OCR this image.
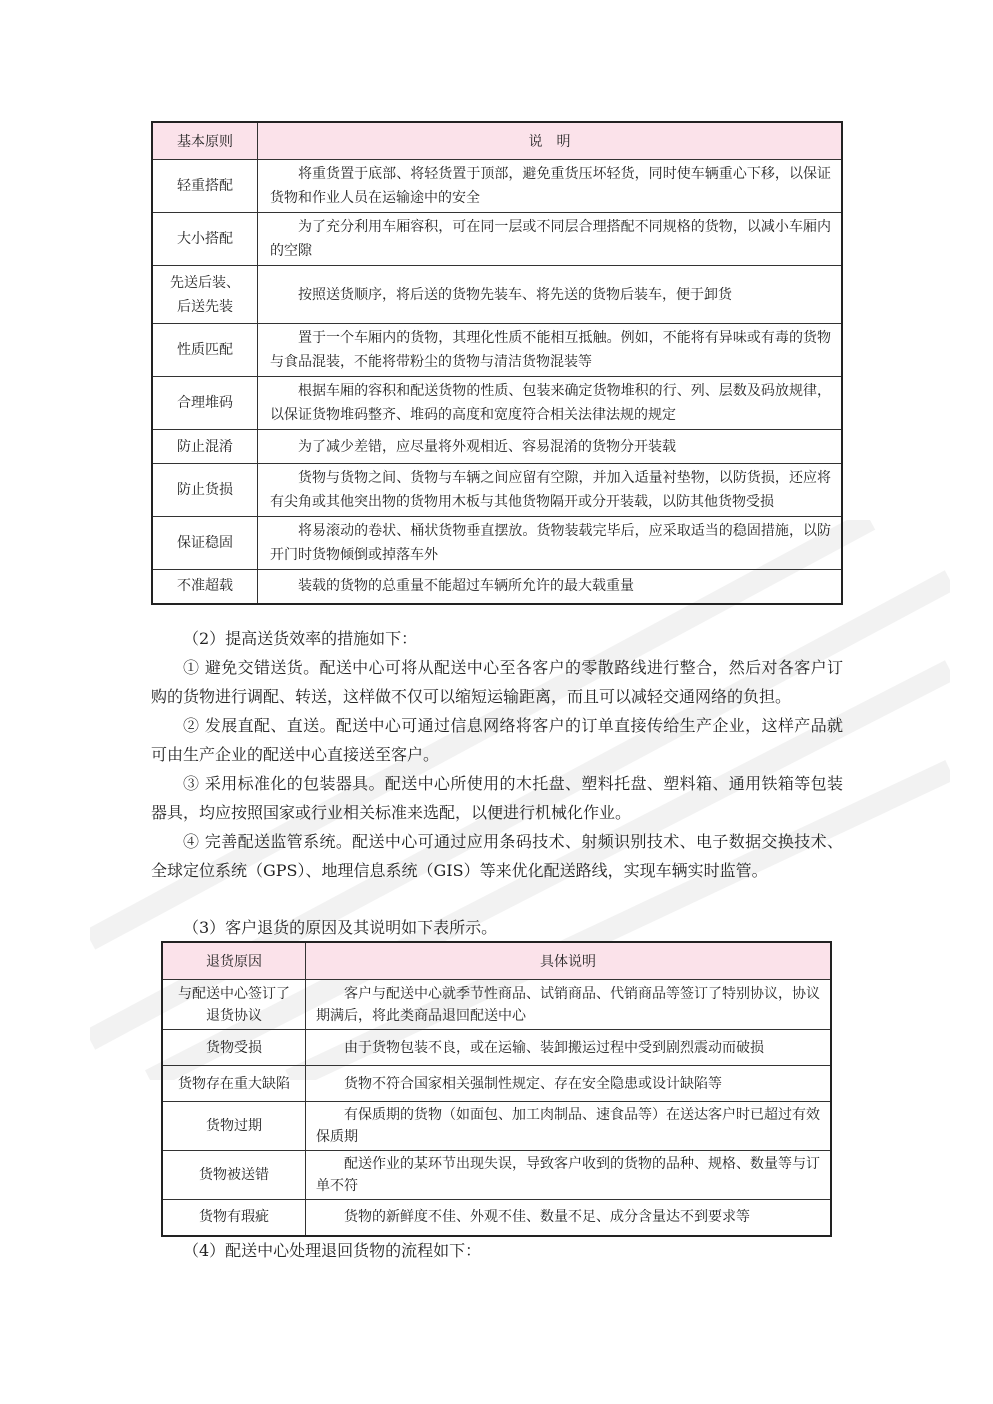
基本原则	说　明
轻重搭配	将重货置于底部、将轻货置于顶部，避免重货压坏轻货，同时使车辆重心下移，以保证货物和作业人员在运输途中的安全
大小搭配	为了充分利用车厢容积，可在同一层或不同层合理搭配不同规格的货物，以减小车厢内的空隙
先送后装、后送先装	按照送货顺序，将后送的货物先装车、将先送的货物后装车，便于卸货
性质匹配	置于一个车厢内的货物，其理化性质不能相互抵触。例如，不能将有异味或有毒的货物与食品混装，不能将带粉尘的货物与清洁货物混装等
合理堆码	根据车厢的容积和配送货物的性质、包装来确定货物堆积的行、列、层数及码放规律，以保证货物堆码整齐、堆码的高度和宽度符合相关法律法规的规定
防止混淆	为了减少差错，应尽量将外观相近、容易混淆的货物分开装载
防止货损	货物与货物之间、货物与车辆之间应留有空隙，并加入适量衬垫物，以防货损，还应将有尖角或其他突出物的货物用木板与其他货物隔开或分开装载，以防其他货物受损
保证稳固	将易滚动的卷状、桶状货物垂直摆放。货物装载完毕后，应采取适当的稳固措施，以防开门时货物倾倒或掉落车外
不准超载	装载的货物的总重量不能超过车辆所允许的最大载重量

（2）提高送货效率的措施如下：

① 避免交错送货。配送中心可将从配送中心至各客户的零散路线进行整合，然后对各客户订购的货物进行调配、转送，这样做不仅可以缩短运输距离，而且可以减轻交通网络的负担。

② 发展直配、直送。配送中心可通过信息网络将客户的订单直接传给生产企业，这样产品就可由生产企业的配送中心直接送至客户。

③ 采用标准化的包装器具。配送中心所使用的木托盘、塑料托盘、塑料箱、通用铁箱等包装器具，均应按照国家或行业相关标准来选配，以便进行机械化作业。

④ 完善配送监管系统。配送中心可通过应用条码技术、射频识别技术、电子数据交换技术、全球定位系统（GPS）、地理信息系统（GIS）等来优化配送路线，实现车辆实时监管。

（3）客户退货的原因及其说明如下表所示。

退货原因	具体说明
与配送中心签订了退货协议	客户与配送中心就季节性商品、试销商品、代销商品等签订了特别协议，协议期满后，将此类商品退回配送中心
货物受损	由于货物包装不良，或在运输、装卸搬运过程中受到剧烈震动而破损
货物存在重大缺陷	货物不符合国家相关强制性规定、存在安全隐患或设计缺陷等
货物过期	有保质期的货物（如面包、加工肉制品、速食品等）在送达客户时已超过有效保质期
货物被送错	配送作业的某环节出现失误，导致客户收到的货物的品种、规格、数量等与订单不符
货物有瑕疵	货物的新鲜度不佳、外观不佳、数量不足、成分含量达不到要求等

（4）配送中心处理退回货物的流程如下：
